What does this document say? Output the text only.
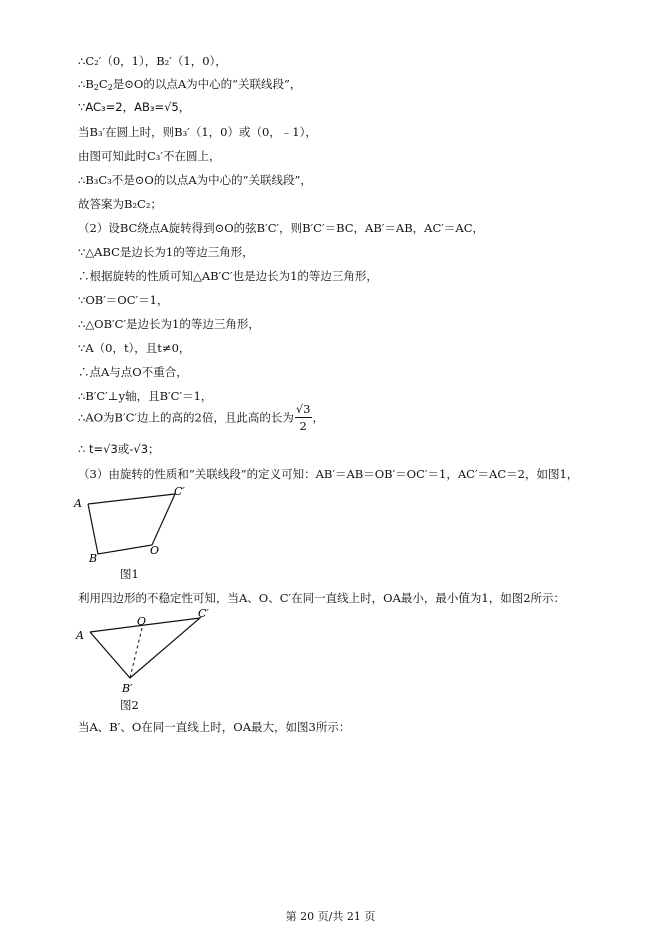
∴C₂′（0，1），B₂′（1，0），
$\therefore B_2C_2$是⊙O的以点A为中心的“关联线段”，
∵AC₃=2，AB₃=√5，
当B₃′在圆上时，则B₃′（1，0）或（0，﹣1），
由图可知此时C₃′不在圆上，
∴B₃C₃不是⊙O的以点A为中心的“关联线段”，
故答案为B₂C₂；
（2）设BC绕点A旋转得到⊙O的弦B′C′，则B′C′＝BC，AB′＝AB，AC′＝AC，
∵△ABC是边长为1的等边三角形，
∴根据旋转的性质可知△AB′C′也是边长为1的等边三角形，
∵OB′＝OC′＝1，
∴△OB′C′是边长为1的等边三角形，
∵A（0，t），且t≠0，
∴点A与点O不重合，
∴B′C′⊥y轴，且B′C′＝1，
∴AO为B′C′边上的高的2倍，且此高的长为 $\frac{√3}{2}$ ，
∴ t=√3或-√3；
（3）由旋转的性质和“关联线段”的定义可知：AB′＝AB＝OB′＝OC′＝1，AC′＝AC＝2，如图1，
A
C′
O
B
图1
利用四边形的不稳定性可知，当A、O、C′在同一直线上时，OA最小，最小值为1，如图2所示：
A
O
C′
B′
图2
当A、B′、O在同一直线上时，OA最大，如图3所示：
第 20 页/共 21 页
